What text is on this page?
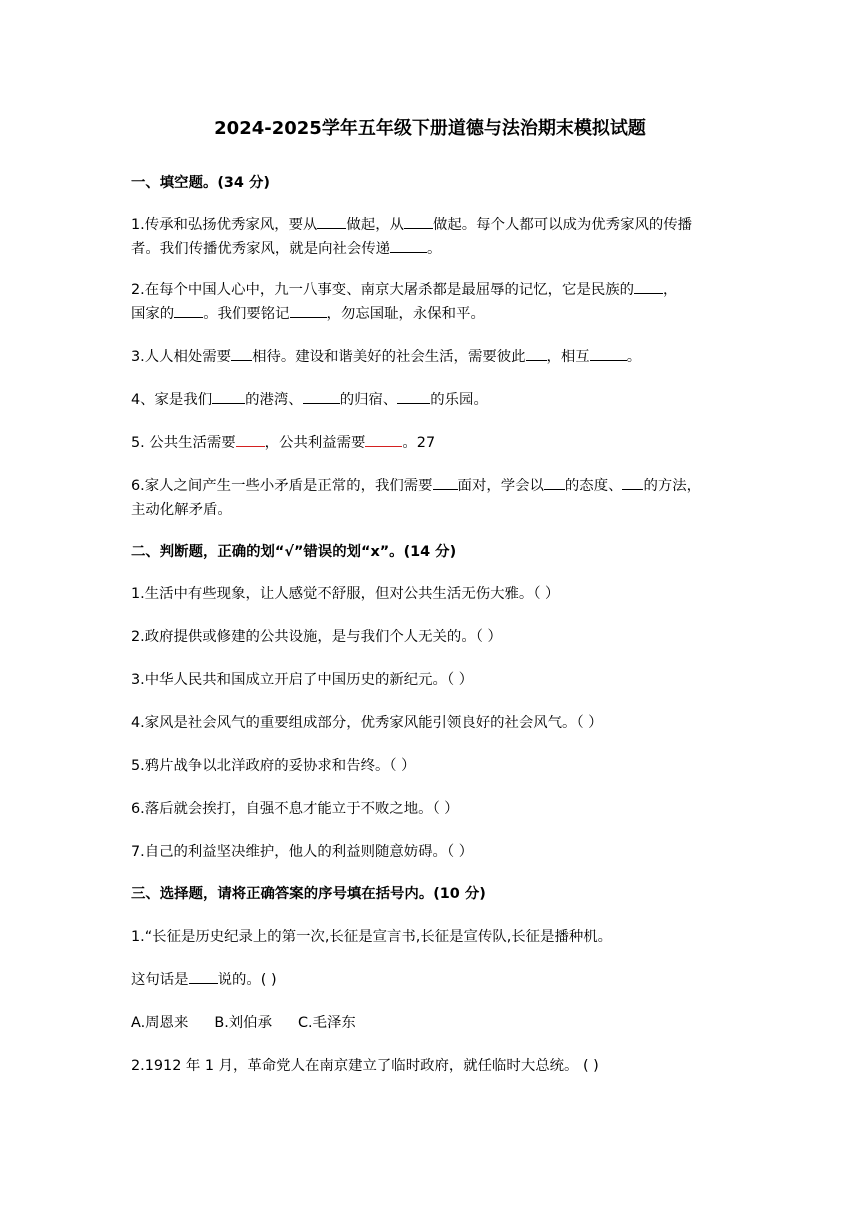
2024-2025学年五年级下册道德与法治期末模拟试题
一、填空题。(34 分)
1.传承和弘扬优秀家风，要从 做起，从 做起。每个人都可以成为优秀家风的传播
者。我们传播优秀家风，就是向社会传递	。
2.在每个中国人心中，九一八事变、南京大屠杀都是最屈辱的记忆，它是民族的 ，
国家的 。我们要铭记	，勿忘国耻，永保和平。
3.人人相处需要 相待。建设和谐美好的社会生活，需要彼此 ，相互	。
4、家是我们 的港湾、	的归宿、 的乐园。
5. 公共生活需要 ，公共利益需要	。27
6.家人之间产生一些小矛盾是正常的，我们需要 面对，学会以 的态度、 的方法，
主动化解矛盾。
二、判断题，正确的划“√”错误的划“x”。(14 分)
1.生活中有些现象，让人感觉不舒服，但对公共生活无伤大雅。（ ）
2.政府提供或修建的公共设施，是与我们个人无关的。（ ）
3.中华人民共和国成立开启了中国历史的新纪元。（ ）
4.家风是社会风气的重要组成部分，优秀家风能引领良好的社会风气。（ ）
5.鸦片战争以北洋政府的妥协求和告终。（ ）
6.落后就会挨打，自强不息才能立于不败之地。（ ）
7.自己的利益坚决维护，他人的利益则随意妨碍。（ ）
三、选择题，请将正确答案的序号填在括号内。(10 分)
1.“长征是历史纪录上的第一次,长征是宣言书,长征是宣传队,长征是播种机。
这句话是 说的。( )
A.周恩来 B.刘伯承 C.毛泽东
2.1912 年 1 月，革命党人在南京建立了临时政府，就任临时大总统。 ( )
